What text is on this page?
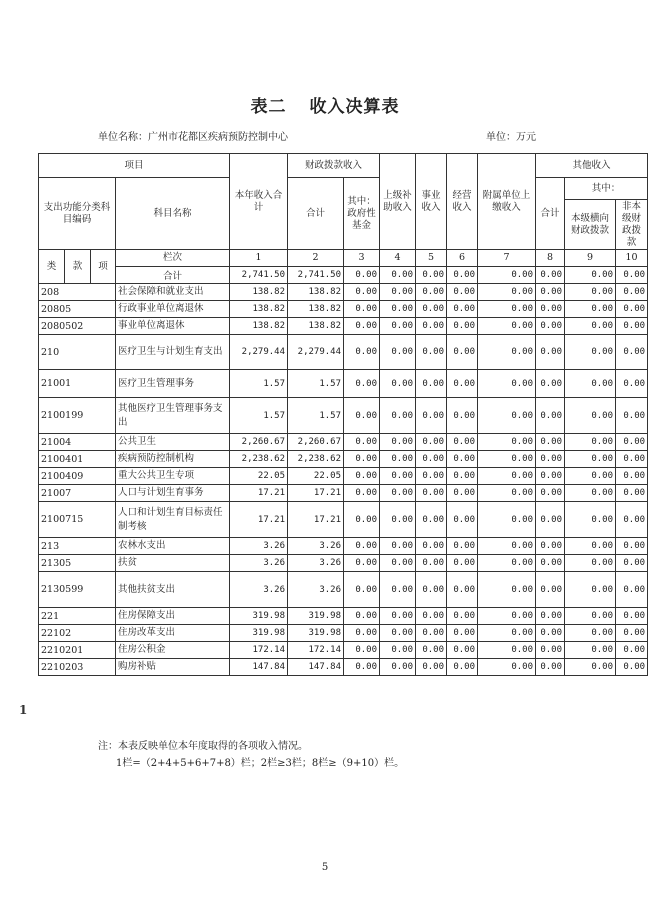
表二 收入决算表
单位名称：广州市花都区疾病预防控制中心	单位：万元
项目				本年收入合计	财政拨款收入		上级补助收入	事业收入	经营收入	附属单位上缴收入	其他收入		
支出功能分类科目编码			科目名称		合计	其中：政府性基金					合计	其中：	
												本级横向财政拨款	非本级财政拨款
类	款	项	栏次	1	2	3	4	5	6	7	8	9	10
			合计	2,741.50	2,741.50	0.00	0.00	0.00	0.00	0.00	0.00	0.00	0.00
208			社会保障和就业支出	138.82	138.82	0.00	0.00	0.00	0.00	0.00	0.00	0.00	0.00
20805			行政事业单位离退休	138.82	138.82	0.00	0.00	0.00	0.00	0.00	0.00	0.00	0.00
2080502			事业单位离退休	138.82	138.82	0.00	0.00	0.00	0.00	0.00	0.00	0.00	0.00
210			医疗卫生与计划生育支出	2,279.44	2,279.44	0.00	0.00	0.00	0.00	0.00	0.00	0.00	0.00
21001			医疗卫生管理事务	1.57	1.57	0.00	0.00	0.00	0.00	0.00	0.00	0.00	0.00
2100199			其他医疗卫生管理事务支出	1.57	1.57	0.00	0.00	0.00	0.00	0.00	0.00	0.00	0.00
21004			公共卫生	2,260.67	2,260.67	0.00	0.00	0.00	0.00	0.00	0.00	0.00	0.00
2100401			疾病预防控制机构	2,238.62	2,238.62	0.00	0.00	0.00	0.00	0.00	0.00	0.00	0.00
2100409			重大公共卫生专项	22.05	22.05	0.00	0.00	0.00	0.00	0.00	0.00	0.00	0.00
21007			人口与计划生育事务	17.21	17.21	0.00	0.00	0.00	0.00	0.00	0.00	0.00	0.00
2100715			人口和计划生育目标责任制考核	17.21	17.21	0.00	0.00	0.00	0.00	0.00	0.00	0.00	0.00
213			农林水支出	3.26	3.26	0.00	0.00	0.00	0.00	0.00	0.00	0.00	0.00
21305			扶贫	3.26	3.26	0.00	0.00	0.00	0.00	0.00	0.00	0.00	0.00
2130599			其他扶贫支出	3.26	3.26	0.00	0.00	0.00	0.00	0.00	0.00	0.00	0.00
221			住房保障支出	319.98	319.98	0.00	0.00	0.00	0.00	0.00	0.00	0.00	0.00
22102			住房改革支出	319.98	319.98	0.00	0.00	0.00	0.00	0.00	0.00	0.00	0.00
2210201			住房公积金	172.14	172.14	0.00	0.00	0.00	0.00	0.00	0.00	0.00	0.00
2210203			购房补贴	147.84	147.84	0.00	0.00	0.00	0.00	0.00	0.00	0.00	0.00
注：本表反映单位本年度取得的各项收入情况。
1栏=（2+4+5+6+7+8）栏；2栏≥3栏；8栏≥（9+10）栏。
5
1
